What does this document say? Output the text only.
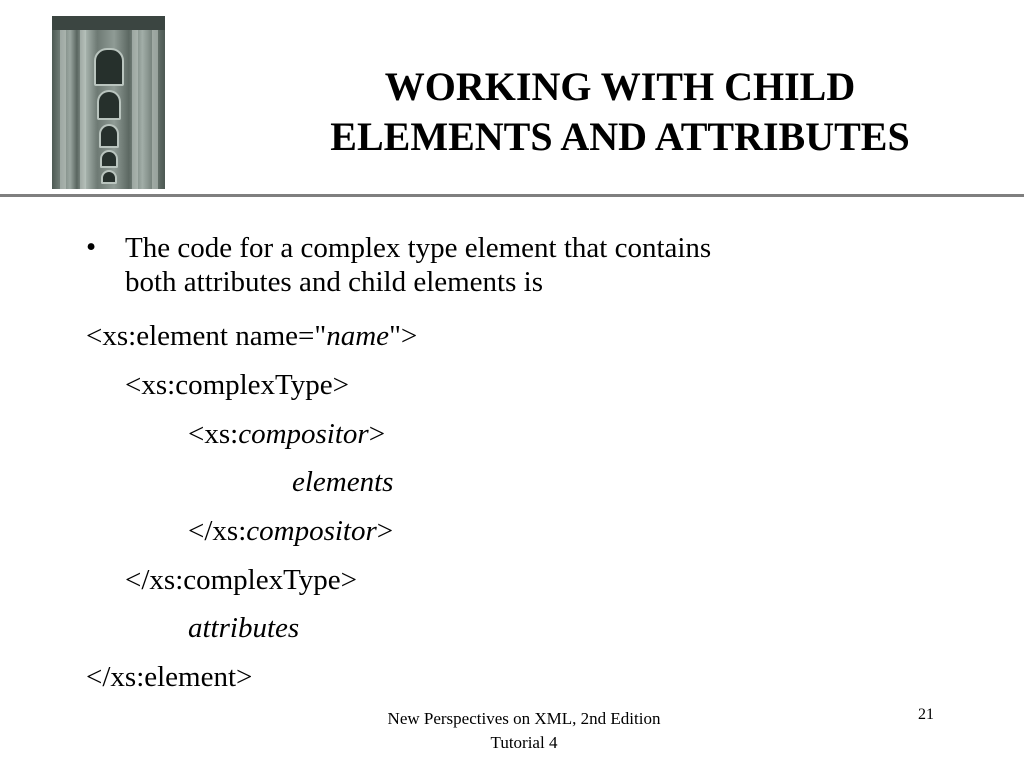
WORKING WITH CHILD
ELEMENTS AND ATTRIBUTES
• The code for a complex type element that contains
both attributes and child elements is
<xs:element name="name">
<xs:complexType>
<xs:compositor>
elements
</xs:compositor>
</xs:complexType>
attributes
</xs:element>
New Perspectives on XML, 2nd Edition
Tutorial 4
21
